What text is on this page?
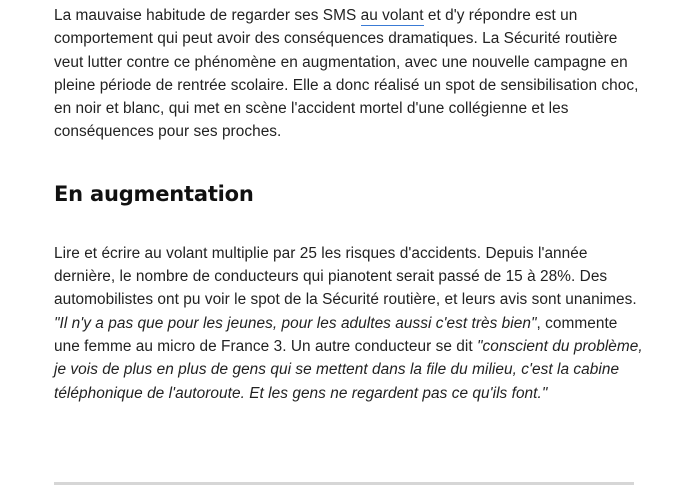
La mauvaise habitude de regarder ses SMS au volant et d'y répondre est un comportement qui peut avoir des conséquences dramatiques. La Sécurité routière veut lutter contre ce phénomène en augmentation, avec une nouvelle campagne en pleine période de rentrée scolaire. Elle a donc réalisé un spot de sensibilisation choc, en noir et blanc, qui met en scène l'accident mortel d'une collégienne et les conséquences pour ses proches.

En augmentation

Lire et écrire au volant multiplie par 25 les risques d'accidents. Depuis l'année dernière, le nombre de conducteurs qui pianotent serait passé de 15 à 28%. Des automobilistes ont pu voir le spot de la Sécurité routière, et leurs avis sont unanimes. "Il n'y a pas que pour les jeunes, pour les adultes aussi c'est très bien", commente une femme au micro de France 3. Un autre conducteur se dit "conscient du problème, je vois de plus en plus de gens qui se mettent dans la file du milieu, c'est la cabine téléphonique de l'autoroute. Et les gens ne regardent pas ce qu'ils font."
